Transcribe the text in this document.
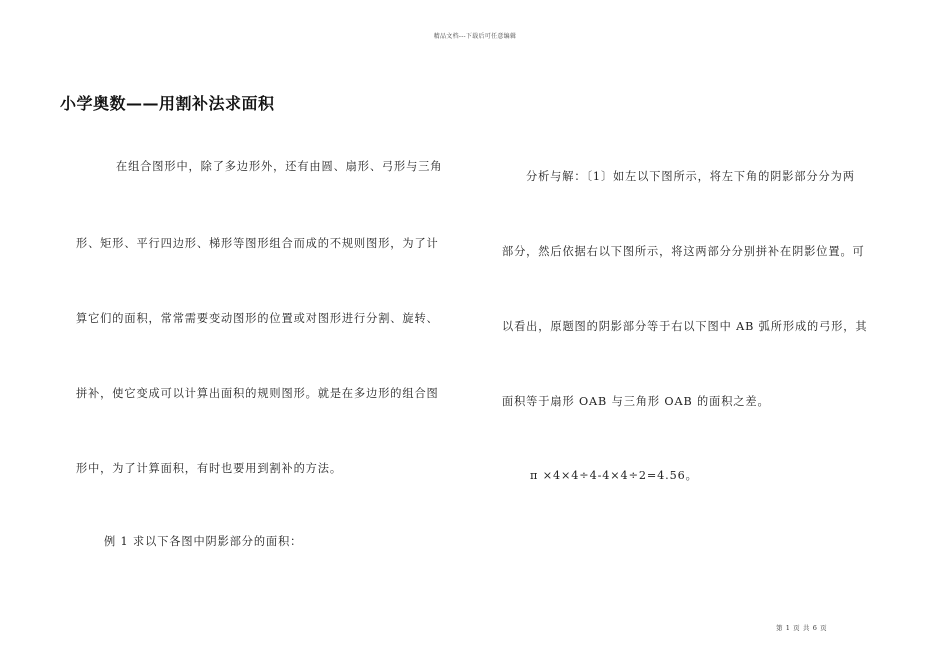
精品文档---下载后可任意编辑
小学奥数——用割补法求面积
在组合图形中，除了多边形外，还有由圆、扇形、弓形与三角
形、矩形、平行四边形、梯形等图形组合而成的不规则图形，为了计
算它们的面积，常常需要变动图形的位置或对图形进行分割、旋转、
拼补，使它变成可以计算出面积的规则图形。就是在多边形的组合图
形中，为了计算面积，有时也要用到割补的方法。
例 1 求以下各图中阴影部分的面积：
分析与解：〔1〕如左以下图所示，将左下角的阴影部分分为两
部分，然后依据右以下图所示，将这两部分分别拼补在阴影位置。可
以看出，原题图的阴影部分等于右以下图中 AB 弧所形成的弓形，其
面积等于扇形 OAB 与三角形 OAB 的面积之差。
π ×4×4÷4-4×4÷2=4.56。
第 1 页 共 6 页
